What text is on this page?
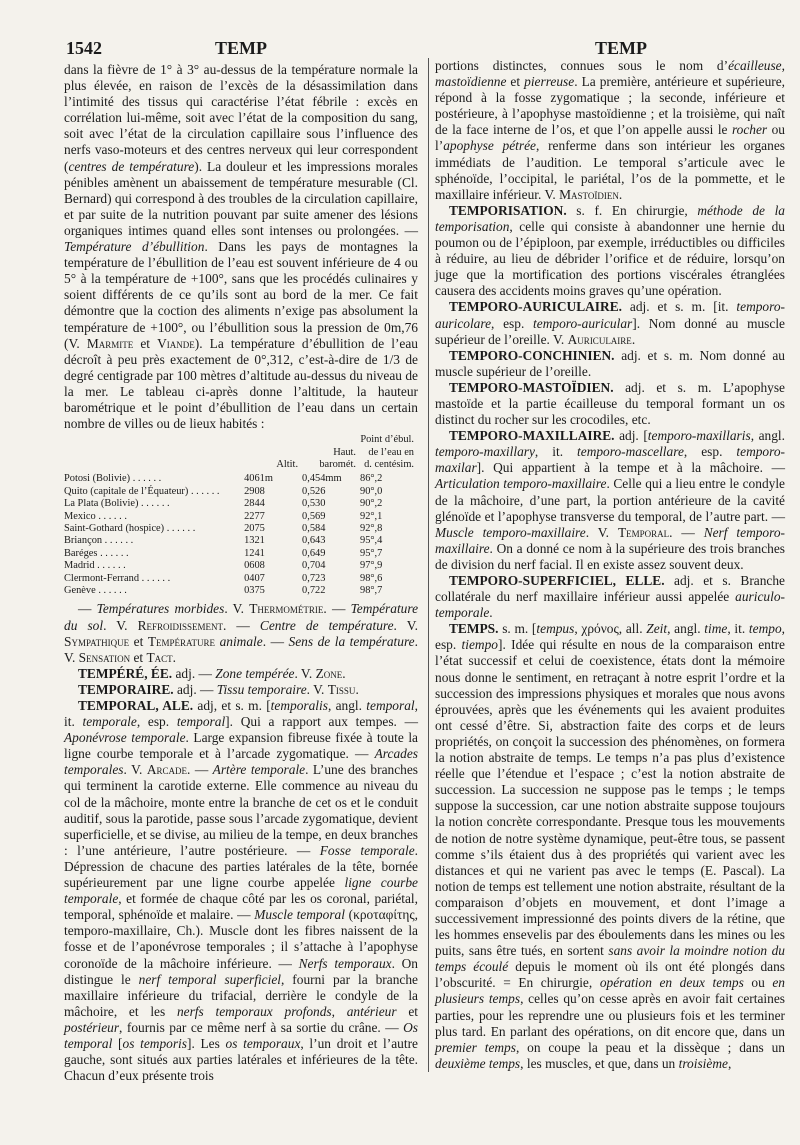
1542	TEMP	TEMP

dans la fièvre de 1° à 3° au-dessus de la température normale la plus élevée, en raison de l’excès de la désassimilation dans l’intimité des tissus qui caractérise l’état fébrile : excès en corrélation lui-même, soit avec l’état de la composition du sang, soit avec l’état de la circulation capillaire sous l’influence des nerfs vaso-moteurs et des centres nerveux qui leur correspondent (centres de température). La douleur et les impressions morales pénibles amènent un abaissement de température mesurable (Cl. Bernard) qui correspond à des troubles de la circulation capillaire, et par suite de la nutrition pouvant par suite amener des lésions organiques intimes quand elles sont intenses ou prolongées. — Température d’ébullition. Dans les pays de montagnes la température de l’ébullition de l’eau est souvent inférieure de 4 ou 5° à la température de +100°, sans que les procédés culinaires y soient différents de ce qu’ils sont au bord de la mer. Ce fait démontre que la coction des aliments n’exige pas absolument la température de +100°, ou l’ébullition sous la pression de 0m,76 (V. Marmite et Viande). La température d’ébullition de l’eau décroît à peu près exactement de 0°,312, c’est-à-dire de 1/3 de degré centigrade par 100 mètres d’altitude au-dessus du niveau de la mer. Le tableau ci-après donne l’altitude, la hauteur barométrique et le point d’ébullition de l’eau dans un certain nombre de villes ou de lieux habités :

	Altit.	Haut. baromét.	Point d’ébul. de l’eau en d. centésim.
Potosi (Bolivie) . . . . . .	4061m	0,454mm	86°,2
Quito (capitale de l’Équateur) . . . . . .	2908	0,526	90°,0
La Plata (Bolivie) . . . . . .	2844	0,530	90°,2
Mexico . . . . . .	2277	0,569	92°,1
Saint-Gothard (hospice) . . . . . .	2075	0,584	92°,8
Briançon . . . . . .	1321	0,643	95°,4
Baréges . . . . . .	1241	0,649	95°,7
Madrid . . . . . .	0608	0,704	97°,9
Clermont-Ferrand . . . . . .	0407	0,723	98°,6
Genève . . . . . .	0375	0,722	98°,7

— Températures morbides. V. Thermométrie. — Température du sol. V. Refroidissement. — Centre de température. V. Sympathique et Température animale. — Sens de la température. V. Sensation et Tact.

TEMPÉRÉ, ÉE. adj. — Zone tempérée. V. Zone.

TEMPORAIRE. adj. — Tissu temporaire. V. Tissu.

TEMPORAL, ALE. adj, et s. m. [temporalis, angl. temporal, it. temporale, esp. temporal]. Qui a rapport aux tempes. — Aponévrose temporale. Large expansion fibreuse fixée à toute la ligne courbe temporale et à l’arcade zygomatique. — Arcades temporales. V. Arcade. — Artère temporale. L’une des branches qui terminent la carotide externe. Elle commence au niveau du col de la mâchoire, monte entre la branche de cet os et le conduit auditif, sous la parotide, passe sous l’arcade zygomatique, devient superficielle, et se divise, au milieu de la tempe, en deux branches : l’une antérieure, l’autre postérieure. — Fosse temporale. Dépression de chacune des parties latérales de la tête, bornée supérieurement par une ligne courbe appelée ligne courbe temporale, et formée de chaque côté par les os coronal, pariétal, temporal, sphénoïde et malaire. — Muscle temporal (κροταφίτης, temporo-maxillaire, Ch.). Muscle dont les fibres naissent de la fosse et de l’aponévrose temporales ; il s’attache à l’apophyse coronoïde de la mâchoire inférieure. — Nerfs temporaux. On distingue le nerf temporal superficiel, fourni par la branche maxillaire inférieure du trifacial, derrière le condyle de la mâchoire, et les nerfs temporaux profonds, antérieur et postérieur, fournis par ce même nerf à sa sortie du crâne. — Os temporal [os temporis]. Les os temporaux, l’un droit et l’autre gauche, sont situés aux parties latérales et inférieures de la tête. Chacun d’eux présente trois

portions distinctes, connues sous le nom d’écailleuse, mastoïdienne et pierreuse. La première, antérieure et supérieure, répond à la fosse zygomatique ; la seconde, inférieure et postérieure, à l’apophyse mastoïdienne ; et la troisième, qui naît de la face interne de l’os, et que l’on appelle aussi le rocher ou l’apophyse pétrée, renferme dans son intérieur les organes immédiats de l’audition. Le temporal s’articule avec le sphénoïde, l’occipital, le pariétal, l’os de la pommette, et le maxillaire inférieur. V. Mastoïdien.

TEMPORISATION. s. f. En chirurgie, méthode de la temporisation, celle qui consiste à abandonner une hernie du poumon ou de l’épiploon, par exemple, irréductibles ou difficiles à réduire, au lieu de débrider l’orifice et de réduire, lorsqu’on juge que la mortification des portions viscérales étranglées causera des accidents moins graves qu’une opération.

TEMPORO-AURICULAIRE. adj. et s. m. [it. temporo-auricolare, esp. temporo-auricular]. Nom donné au muscle supérieur de l’oreille. V. Auriculaire.

TEMPORO-CONCHINIEN. adj. et s. m. Nom donné au muscle supérieur de l’oreille.

TEMPORO-MASTOÏDIEN. adj. et s. m. L’apophyse mastoïde et la partie écailleuse du temporal formant un os distinct du rocher sur les crocodiles, etc.

TEMPORO-MAXILLAIRE. adj. [temporo-maxillaris, angl. temporo-maxillary, it. temporo-mascellare, esp. temporo-maxilar]. Qui appartient à la tempe et à la mâchoire. — Articulation temporo-maxillaire. Celle qui a lieu entre le condyle de la mâchoire, d’une part, la portion antérieure de la cavité glénoïde et l’apophyse transverse du temporal, de l’autre part. — Muscle temporo-maxillaire. V. Temporal. — Nerf temporo-maxillaire. On a donné ce nom à la supérieure des trois branches de division du nerf facial. Il en existe assez souvent deux.

TEMPORO-SUPERFICIEL, ELLE. adj. et s. Branche collatérale du nerf maxillaire inférieur aussi appelée auriculo-temporale.

TEMPS. s. m. [tempus, χρόνος, all. Zeit, angl. time, it. tempo, esp. tiempo]. Idée qui résulte en nous de la comparaison entre l’état successif et celui de coexistence, états dont la mémoire nous donne le sentiment, en retraçant à notre esprit l’ordre et la succession des impressions physiques et morales que nous avons éprouvées, après que les événements qui les avaient produites ont cessé d’être. Si, abstraction faite des corps et de leurs propriétés, on conçoit la succession des phénomènes, on formera la notion abstraite de temps. Le temps n’a pas plus d’existence réelle que l’étendue et l’espace ; c’est la notion abstraite de succession. La succession ne suppose pas le temps ; le temps suppose la succession, car une notion abstraite suppose toujours la notion concrète correspondante. Presque tous les mouvements de notion de notre système dynamique, peut-être tous, se passent comme s’ils étaient dus à des propriétés qui varient avec les distances et qui ne varient pas avec le temps (E. Pascal). La notion de temps est tellement une notion abstraite, résultant de la comparaison d’objets en mouvement, et dont l’image a successivement impressionné des points divers de la rétine, que les hommes ensevelis par des éboulements dans les mines ou les puits, sans être tués, en sortent sans avoir la moindre notion du temps écoulé depuis le moment où ils ont été plongés dans l’obscurité. = En chirurgie, opération en deux temps ou en plusieurs temps, celles qu’on cesse après en avoir fait certaines parties, pour les reprendre une ou plusieurs fois et les terminer plus tard. En parlant des opérations, on dit encore que, dans un premier temps, on coupe la peau et la dissèque ; dans un deuxième temps, les muscles, et que, dans un troisième,
